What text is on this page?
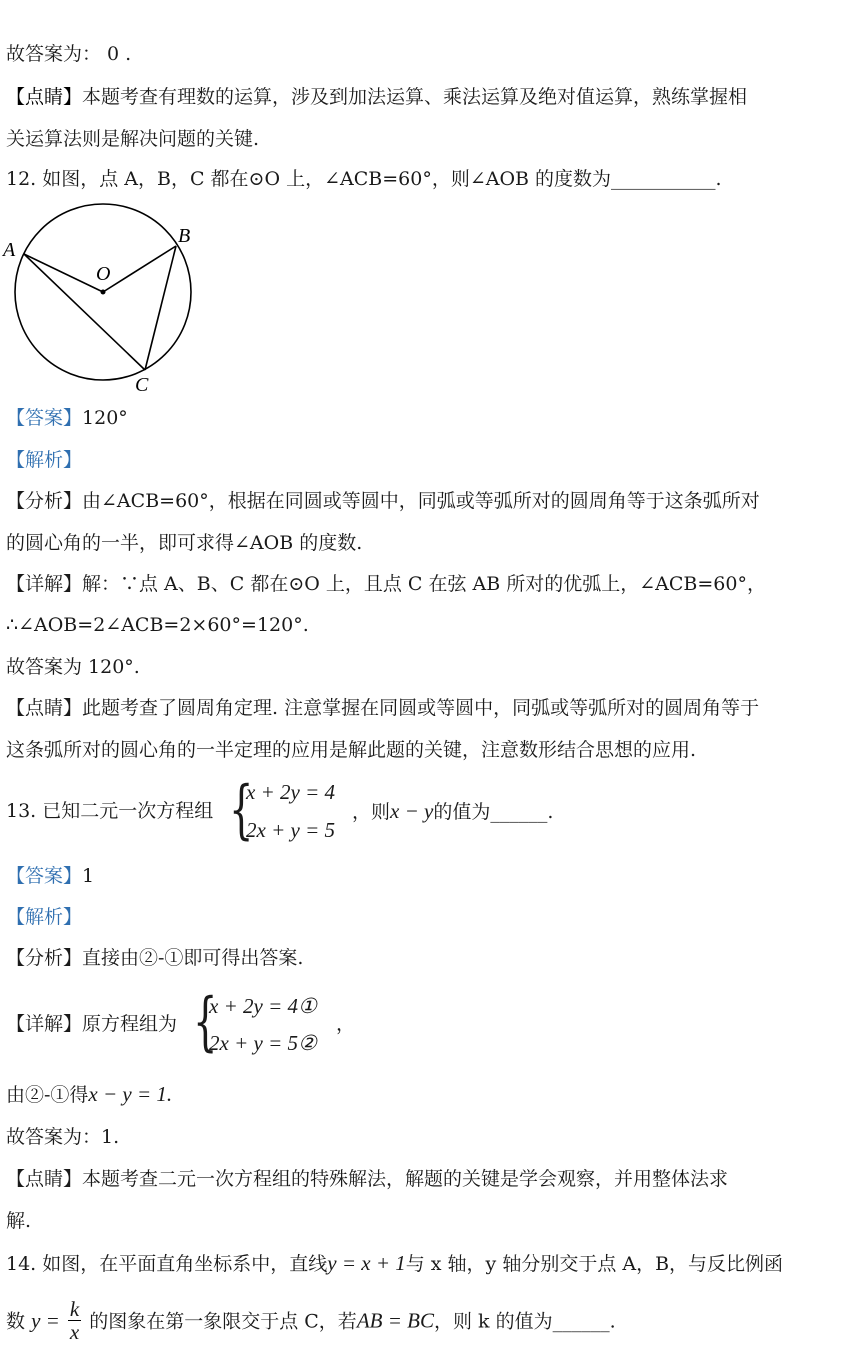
故答案为： 0 .
【点睛】本题考查有理数的运算，涉及到加法运算、乘法运算及绝对值运算，熟练掌握相
关运算法则是解决问题的关键.
12. 如图，点 A，B，C 都在⊙O 上，∠ACB=60°，则∠AOB 的度数为___________.
A
B
C
O
【答案】120°
【解析】
【分析】由∠ACB=60°，根据在同圆或等圆中，同弧或等弧所对的圆周角等于这条弧所对
的圆心角的一半，即可求得∠AOB 的度数.
【详解】解：∵点 A、B、C 都在⊙O 上，且点 C 在弦 AB 所对的优弧上，∠ACB=60°，
∴∠AOB=2∠ACB=2×60°=120°.
故答案为 120°.
【点睛】此题考查了圆周角定理. 注意掌握在同圆或等圆中，同弧或等弧所对的圆周角等于
这条弧所对的圆心角的一半定理的应用是解此题的关键，注意数形结合思想的应用.
13. 已知二元一次方程组 {
x + 2y = 4
2x + y = 5
，则x − y的值为______.
【答案】1
【解析】
【分析】直接由②-①即可得出答案.
【详解】原方程组为 {
x + 2y = 4①
2x + y = 5②
，
由②-①得x − y = 1.
故答案为：1.
【点睛】本题考查二元一次方程组的特殊解法，解题的关键是学会观察，并用整体法求
解.
14. 如图，在平面直角坐标系中，直线y = x + 1与 x 轴，y 轴分别交于点 A，B，与反比例函
数 $y = \frac{k}{x}$ 的图象在第一象限交于点 C，若AB = BC，则 k 的值为______.
